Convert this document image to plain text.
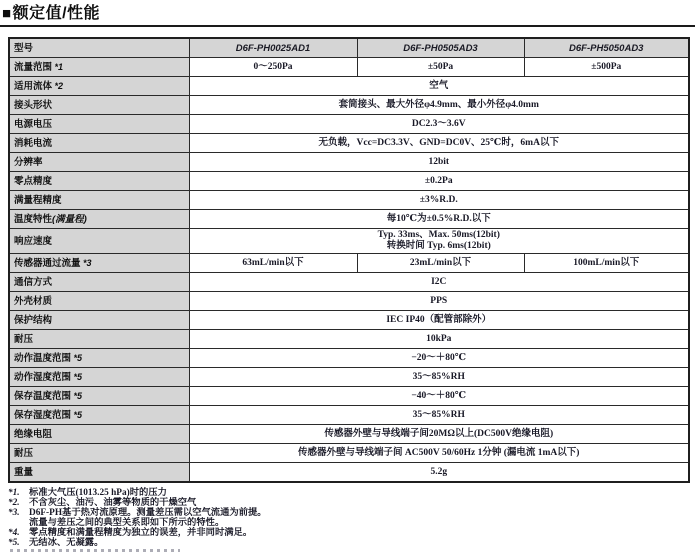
■额定值/性能
型号	D6F-PH0025AD1	D6F-PH0505AD3	D6F-PH5050AD3
流量范围 *1	0～250Pa	±50Pa	±500Pa
适用流体 *2	空气		
接头形状	套筒接头、最大外径φ4.9mm、最小外径φ4.0mm		
电源电压	DC2.3～3.6V		
消耗电流	无负载，Vcc=DC3.3V、GND=DC0V、25℃时，6mA以下		
分辨率	12bit		
零点精度	±0.2Pa		
满量程精度	±3%R.D.		
温度特性(满量程)	每10℃为±0.5%R.D.以下		
响应速度	Typ. 33ms、Max. 50ms(12bit)
转换时间 Typ. 6ms(12bit)		
传感器通过流量 *3	63mL/min以下	23mL/min以下	100mL/min以下
通信方式	I2C		
外壳材质	PPS		
保护结构	IEC IP40（配管部除外）		
耐压	10kPa		
动作温度范围 *5	−20～＋80℃		
动作湿度范围 *5	35～85%RH		
保存温度范围 *5	−40～＋80℃		
保存湿度范围 *5	35～85%RH		
绝缘电阻	传感器外壁与导线端子间20MΩ以上(DC500V绝缘电阻)		
耐压	传感器外壁与导线端子间 AC500V 50/60Hz 1分钟 (漏电流 1mA以下)		
重量	5.2g		
*1. 标准大气压(1013.25 hPa)时的压力
*2. 不含灰尘、油污、油雾等物质的干燥空气
*3. D6F-PH基于热对流原理。测量差压需以空气流通为前提。
流量与差压之间的典型关系即如下所示的特性。
*4. 零点精度和满量程精度为独立的误差，并非同时满足。
*5. 无结冰、无凝露。
